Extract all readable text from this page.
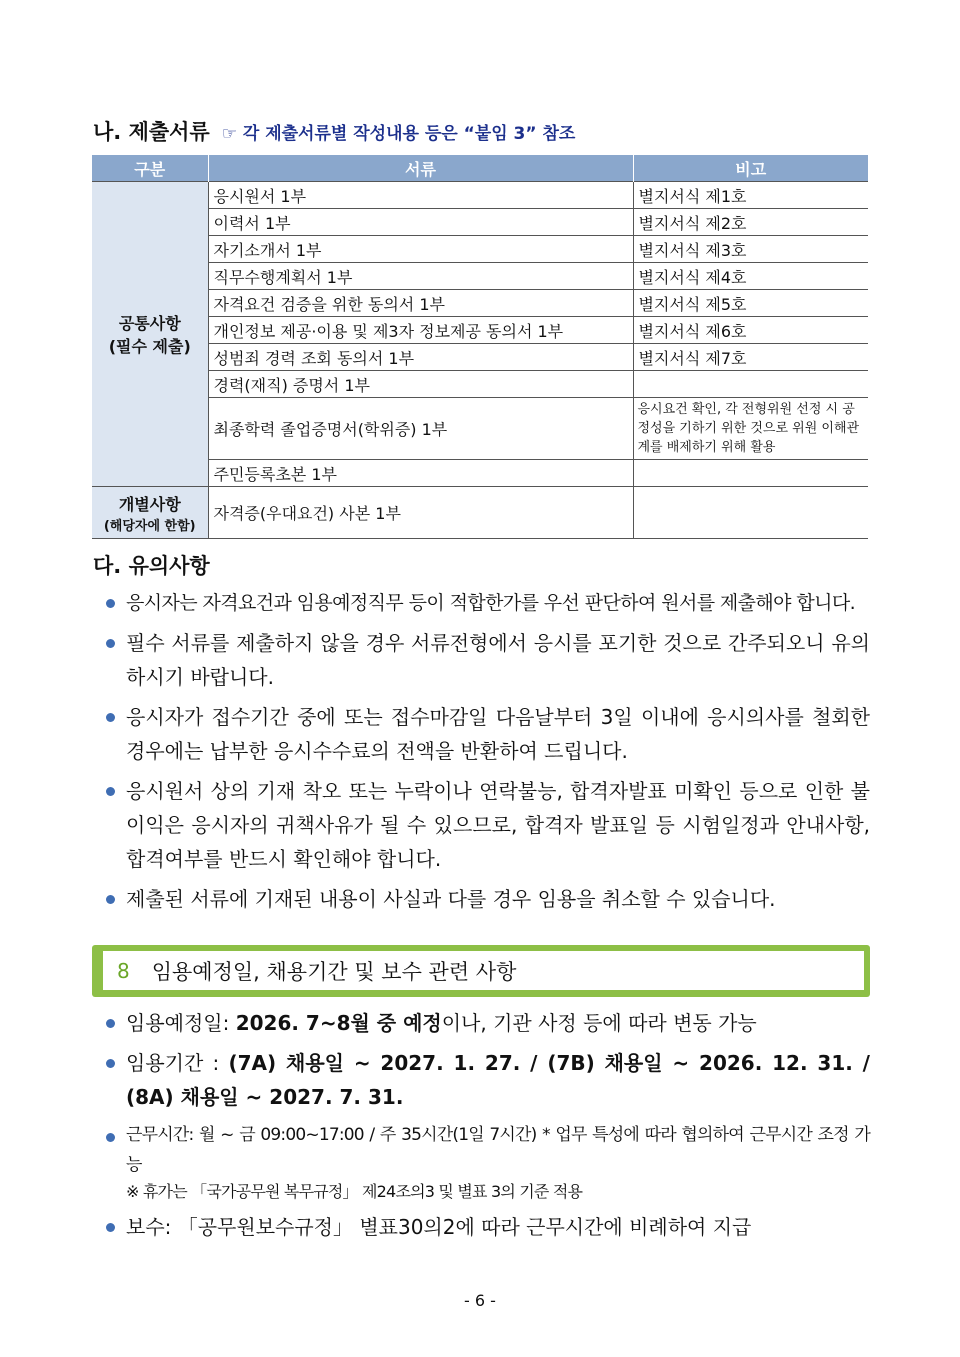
나. 제출서류 ☞ 각 제출서류별 작성내용 등은 “붙임 3” 참조
구분	서류	비고
공통사항
(필수 제출)	응시원서 1부	별지서식 제1호
	이력서 1부	별지서식 제2호
	자기소개서 1부	별지서식 제3호
	직무수행계획서 1부	별지서식 제4호
	자격요건 검증을 위한 동의서 1부	별지서식 제5호
	개인정보 제공·이용 및 제3자 정보제공 동의서 1부	별지서식 제6호
	성범죄 경력 조회 동의서 1부	별지서식 제7호
	경력(재직) 증명서 1부	
	최종학력 졸업증명서(학위증) 1부	응시요건 확인, 각 전형위원 선정 시 공정성을 기하기 위한 것으로 위원 이해관계를 배제하기 위해 활용
	주민등록초본 1부	
개별사항
(해당자에 한함)	자격증(우대요건) 사본 1부	
다. 유의사항
응시자는 자격요건과 임용예정직무 등이 적합한가를 우선 판단하여 원서를 제출해야 합니다.
필수 서류를 제출하지 않을 경우 서류전형에서 응시를 포기한 것으로 간주되오니 유의하시기 바랍니다.
응시자가 접수기간 중에 또는 접수마감일 다음날부터 3일 이내에 응시의사를 철회한 경우에는 납부한 응시수수료의 전액을 반환하여 드립니다.
응시원서 상의 기재 착오 또는 누락이나 연락불능, 합격자발표 미확인 등으로 인한 불이익은 응시자의 귀책사유가 될 수 있으므로, 합격자 발표일 등 시험일정과 안내사항, 합격여부를 반드시 확인해야 합니다.
제출된 서류에 기재된 내용이 사실과 다를 경우 임용을 취소할 수 있습니다.
8 임용예정일, 채용기간 및 보수 관련 사항
임용예정일: 2026. 7~8월 중 예정이나, 기관 사정 등에 따라 변동 가능
임용기간 : (7A) 채용일 ~ 2027. 1. 27. / (7B) 채용일 ~ 2026. 12. 31. / (8A) 채용일 ~ 2027. 7. 31.
근무시간: 월 ~ 금 09:00~17:00 / 주 35시간(1일 7시간) * 업무 특성에 따라 협의하여 근무시간 조정 가능
※ 휴가는 「국가공무원 복무규정」 제24조의3 및 별표 3의 기준 적용
보수: 「공무원보수규정」 별표30의2에 따라 근무시간에 비례하여 지급
- 6 -
